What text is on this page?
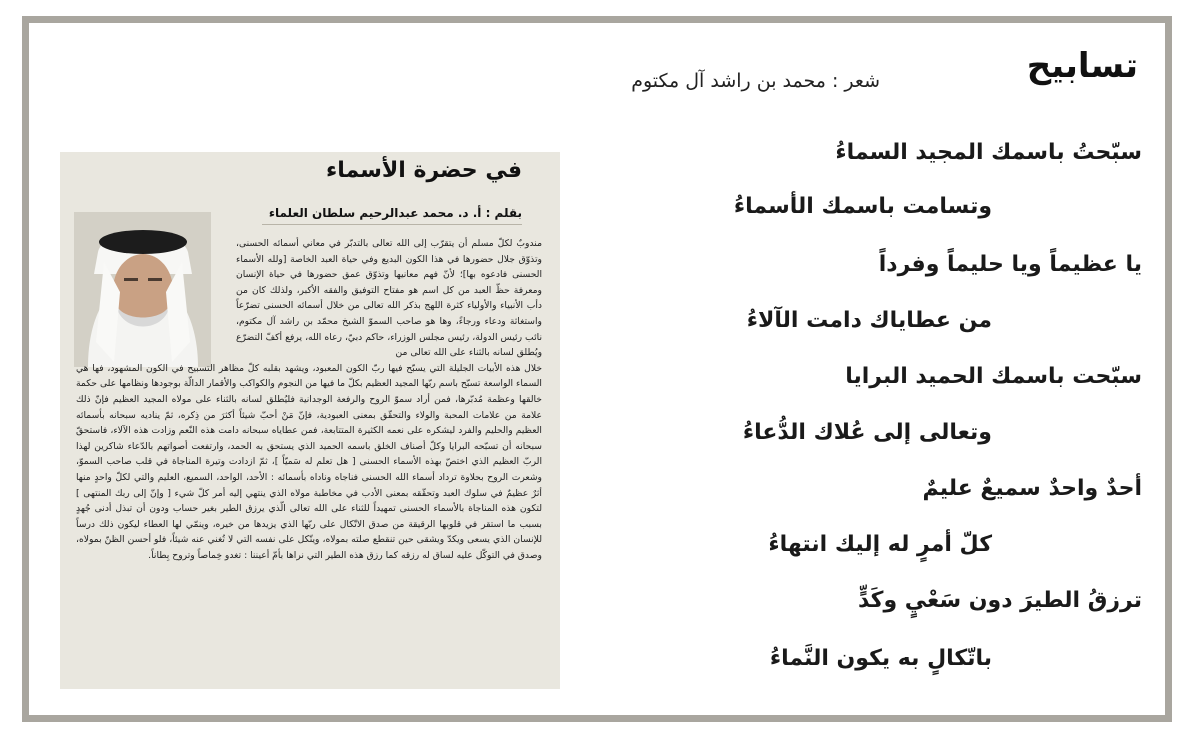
تسابيح
شعر : محمد بن راشد آل مكتوم
سبّحتُ باسمك المجيد السماءُ
وتسامت باسمك الأسماءُ
يا عظيماً ويا حليماً وفرداً
من عطاياك دامت الآلاءُ
سبّحت باسمك الحميد البرايا
وتعالى إلى عُلاك الدُّعاءُ
أحدٌ واحدٌ سميعٌ عليمٌ
كلّ أمرٍ له إليك انتهاءُ
ترزقُ الطيرَ دون سَعْيٍ وكَدٍّ
باتّكالٍ به يكون النَّماءُ
في حضرة الأسماء
بقلم : أ. د. محمد عبدالرحيم سلطان العلماء
مندوبٌ لكلّ مسلم أن يتقرّب إلى الله تعالى بالتدبّر في معاني أسمائه الحسنى، وتذوّق جلال حضورها في هذا الكون البديع وفي حياة العبد الخاصة [ولله الأسماء الحسنى فادعوه بها]؛ لأنّ فهم معانيها وتذوّق عمق حضورها في حياة الإنسان ومعرفة حظّ العبد من كل اسم هو مفتاح التوفيق والفقه الأكبر، ولذلك كان من دأب الأنبياء والأولياء كثرة اللهج بذكر الله تعالى من خلال أسمائه الحسنى تضرّعاً واستغاثة ودعاء ورجاءً، وها هو صاحب السموّ الشيخ محمّد بن راشد آل مكتوم، نائب رئيس الدولة، رئيس مجلس الوزراء، حاكم دبيّ، رعاه الله، يرفع أكفّ التضرّع ويُطلق لسانه بالثناء على الله تعالى من
خلال هذه الأبيات الجليلة التي يسبّح فيها ربّ الكون المعبود، ويشهد بقلبه كلّ مظاهر التسبيح في الكون المشهود، فها هي السماء الواسعة تسبّح باسم ربّها المجيد العظيم بكلّ ما فيها من النجوم والكواكب والأقمار الدالّة بوجودها ونظامها على حكمة خالقها وعظمة مُدبّرها، فمن أراد سموّ الروح والرفعة الوجدانية فليُطلق لسانه بالثناء على مولاه المجيد العظيم فإنّ ذلك علامة من علامات المحبة والولاء والتحقّق بمعنى العبودية، فإنّ مَنْ أحبّ شيئاً أكثرَ من ذِكره، ثمّ يناديه سبحانه بأسمائه العظيم والحليم والفرد ليشكره على نعمه الكثيرة المتتابعة، فمن عطاياه سبحانه دامت هذه النّعم وزادت هذه الآلاء، فاستحقّ سبحانه أن تسبّحه البرايا وكلّ أصناف الخلق باسمه الحميد الذي يستحق به الحمد، وارتفعت أصواتهم بالدّعاء شاكرين لهذا الربّ العظيم الذي اختصّ بهذه الأسماء الحسنى [ هل تعلم له سَميّاً ]، ثمّ ازدادت وتيرة المناجاة في قلب صاحب السموّ، وشعرت الروح بحلاوة ترداد أسماء الله الحسنى فناجاه وناداه بأسمائه : الأحد، الواحد، السميع، العليم والتي لكلّ واحدٍ منها أثرٌ عظيمٌ في سلوك العبد وتحقّقه بمعنى الأدب في مخاطبة مولاه الذي ينتهي إليه أمر كلّ شيء [ وإنّ إلى ربك المنتهى ] لتكون هذه المناجاة بالأسماء الحسنى تمهيداً للثناء على الله تعالى الّذي يرزق الطير بغير حساب ودون أن تبذل أدنى جُهدٍ بسبب ما استقر في قلوبها الرقيقة من صدق الاتّكال على ربّها الذي يزيدها من خيره، وينمّي لها العطاء ليكون ذلك درساً للإنسان الذي يسعى ويكدّ ويشقى حين تنقطع صلته بمولاه، ويتّكل على نفسه التي لا تُغني عنه شيئاً، فلو أحسن الظنّ بمولاه، وصدق في التوكّل عليه لساق له رزقه كما رزق هذه الطير التي نراها بأمّ أعيننا : تغدو خِماصاً وتروح بِطاناً.
